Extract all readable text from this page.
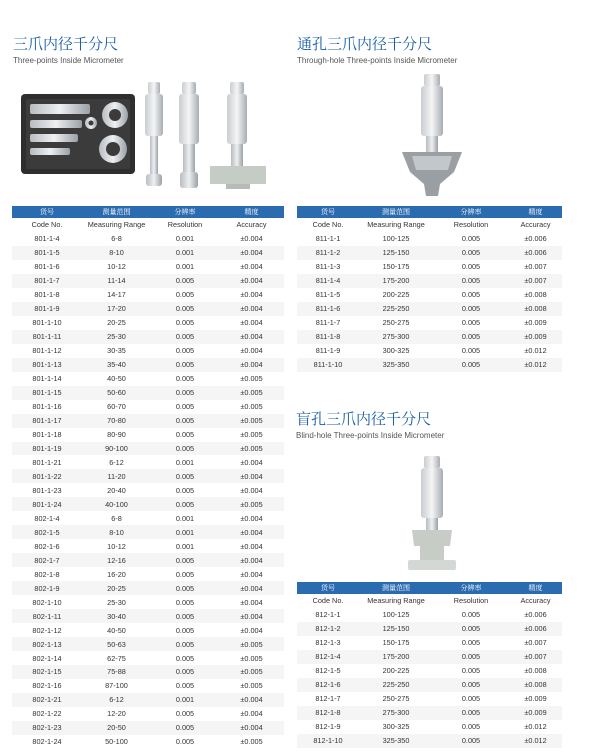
三爪内径千分尺
Three-points Inside Micrometer
通孔三爪内径千分尺
Through-hole Three-points Inside Micrometer
盲孔三爪内径千分尺
Blind-hole Three-points Inside Micrometer
货号	测量范围	分辨率	精度
Code No.	Measuring Range	Resolution	Accuracy
801-1-4	6-8	0.001	±0.004
801-1-5	8-10	0.001	±0.004
801-1-6	10-12	0.001	±0.004
801-1-7	11-14	0.005	±0.004
801-1-8	14-17	0.005	±0.004
801-1-9	17-20	0.005	±0.004
801-1-10	20-25	0.005	±0.004
801-1-11	25-30	0.005	±0.004
801-1-12	30-35	0.005	±0.004
801-1-13	35-40	0.005	±0.004
801-1-14	40-50	0.005	±0.005
801-1-15	50-60	0.005	±0.005
801-1-16	60-70	0.005	±0.005
801-1-17	70-80	0.005	±0.005
801-1-18	80-90	0.005	±0.005
801-1-19	90-100	0.005	±0.005
801-1-21	6-12	0.001	±0.004
801-1-22	11-20	0.005	±0.004
801-1-23	20-40	0.005	±0.004
801-1-24	40-100	0.005	±0.005
802-1-4	6-8	0.001	±0.004
802-1-5	8-10	0.001	±0.004
802-1-6	10-12	0.001	±0.004
802-1-7	12-16	0.005	±0.004
802-1-8	16-20	0.005	±0.004
802-1-9	20-25	0.005	±0.004
802-1-10	25-30	0.005	±0.004
802-1-11	30-40	0.005	±0.004
802-1-12	40-50	0.005	±0.004
802-1-13	50-63	0.005	±0.005
802-1-14	62-75	0.005	±0.005
802-1-15	75-88	0.005	±0.005
802-1-16	87-100	0.005	±0.005
802-1-21	6-12	0.001	±0.004
802-1-22	12-20	0.005	±0.004
802-1-23	20-50	0.005	±0.004
802-1-24	50-100	0.005	±0.005
货号	测量范围	分辨率	精度
Code No.	Measuring Range	Resolution	Accuracy
811-1-1	100-125	0.005	±0.006
811-1-2	125-150	0.005	±0.006
811-1-3	150-175	0.005	±0.007
811-1-4	175-200	0.005	±0.007
811-1-5	200-225	0.005	±0.008
811-1-6	225-250	0.005	±0.008
811-1-7	250-275	0.005	±0.009
811-1-8	275-300	0.005	±0.009
811-1-9	300-325	0.005	±0.012
811-1-10	325-350	0.005	±0.012
货号	测量范围	分辨率	精度
Code No.	Measuring Range	Resolution	Accuracy
812-1-1	100-125	0.005	±0.006
812-1-2	125-150	0.005	±0.006
812-1-3	150-175	0.005	±0.007
812-1-4	175-200	0.005	±0.007
812-1-5	200-225	0.005	±0.008
812-1-6	225-250	0.005	±0.008
812-1-7	250-275	0.005	±0.009
812-1-8	275-300	0.005	±0.009
812-1-9	300-325	0.005	±0.012
812-1-10	325-350	0.005	±0.012
